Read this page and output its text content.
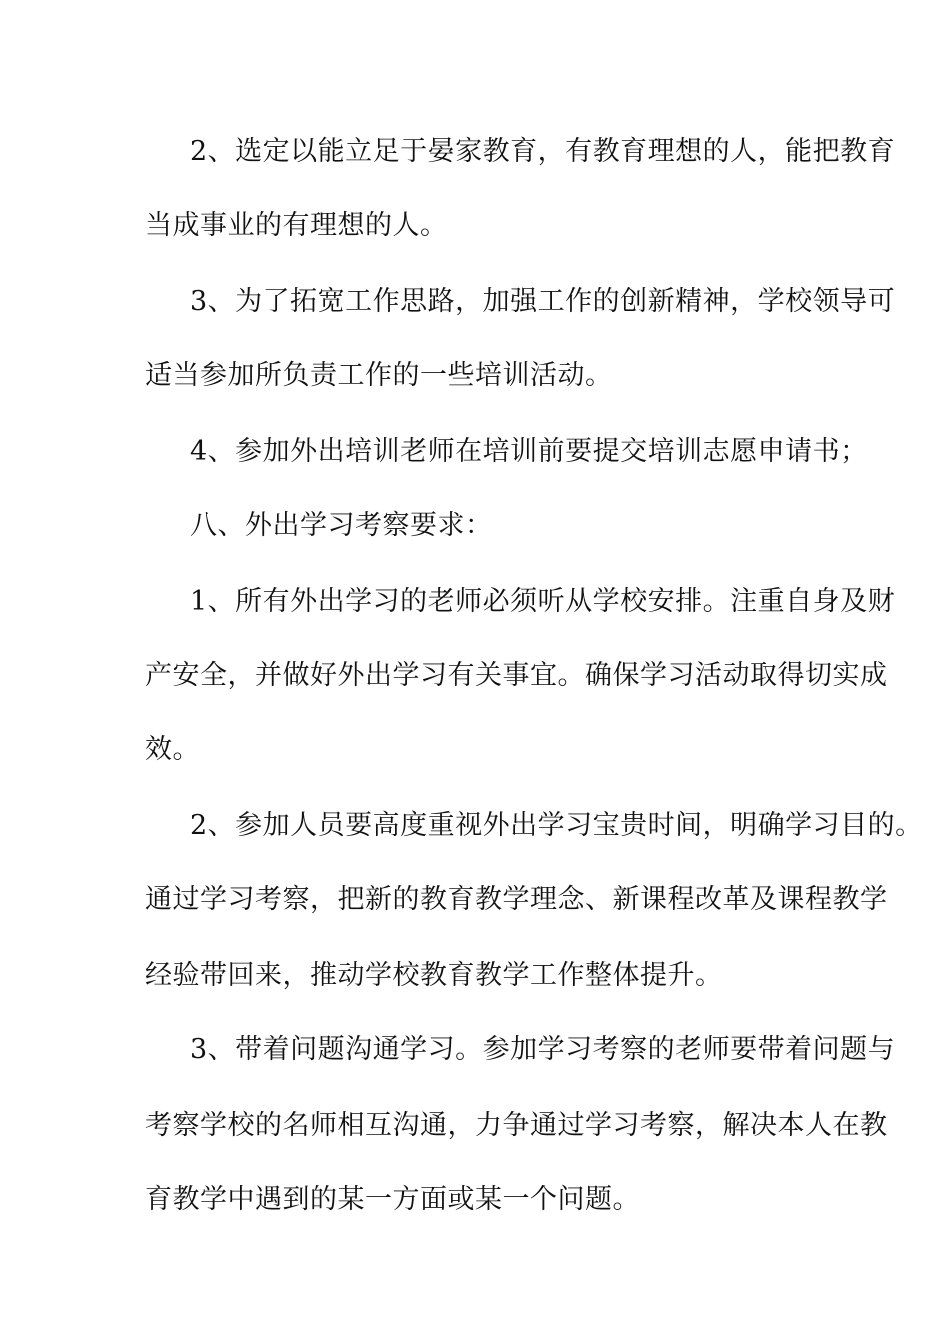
2、选定以能立足于晏家教育，有教育理想的人，能把教育
当成事业的有理想的人。
3、为了拓宽工作思路，加强工作的创新精神，学校领导可
适当参加所负责工作的一些培训活动。
4、参加外出培训老师在培训前要提交培训志愿申请书；
八、外出学习考察要求：
1、所有外出学习的老师必须听从学校安排。注重自身及财
产安全，并做好外出学习有关事宜。确保学习活动取得切实成
效。
2、参加人员要高度重视外出学习宝贵时间，明确学习目的。
通过学习考察，把新的教育教学理念、新课程改革及课程教学
经验带回来，推动学校教育教学工作整体提升。
3、带着问题沟通学习。参加学习考察的老师要带着问题与
考察学校的名师相互沟通，力争通过学习考察，解决本人在教
育教学中遇到的某一方面或某一个问题。
